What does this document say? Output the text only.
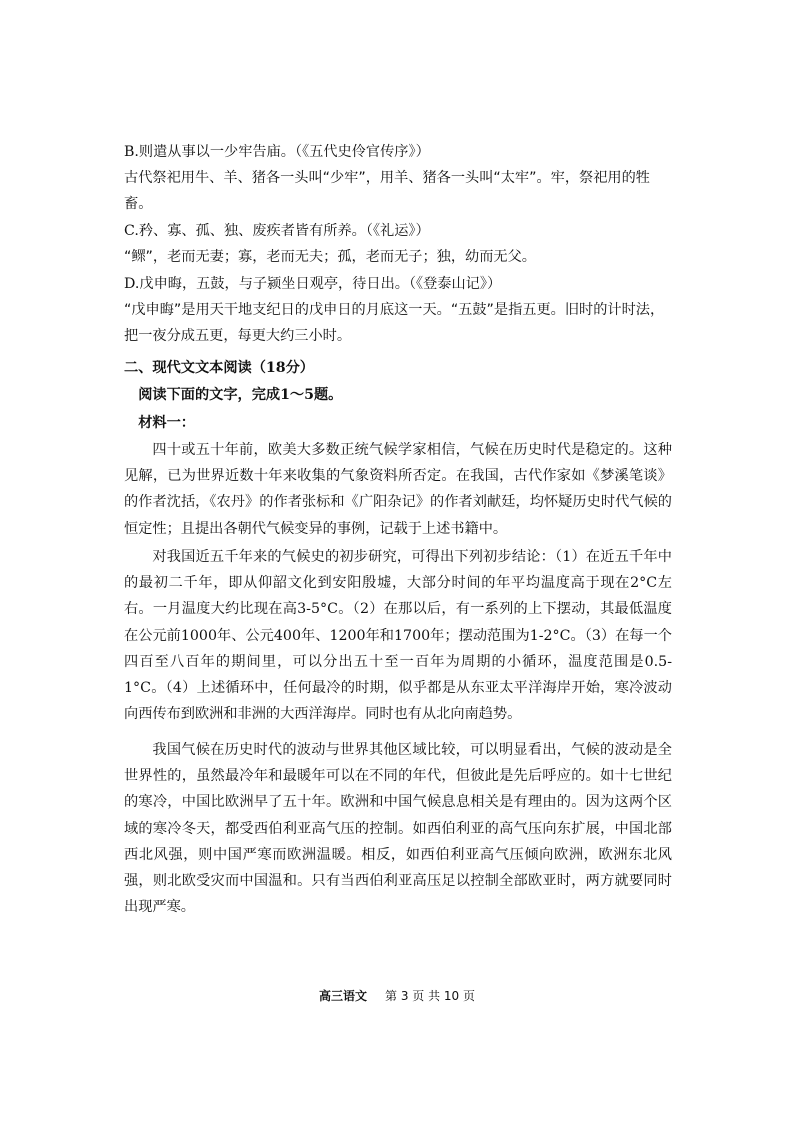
B.则遣从事以一少牢告庙。（《五代史伶官传序》）
古代祭祀用牛、羊、猪各一头叫“少牢”，用羊、猪各一头叫“太牢”。牢，祭祀用的牲畜。
C.矜、寡、孤、独、废疾者皆有所养。（《礼运》）
“鳏”，老而无妻；寡，老而无夫；孤，老而无子；独，幼而无父。
D.戊申晦，五鼓，与子颍坐日观亭，待日出。（《登泰山记》）
“戊申晦”是用天干地支纪日的戊申日的月底这一天。“五鼓”是指五更。旧时的计时法，把一夜分成五更，每更大约三小时。
二、现代文文本阅读（18分）
阅读下面的文字，完成1～5题。
材料一：
四十或五十年前，欧美大多数正统气候学家相信，气候在历史时代是稳定的。这种见解，已为世界近数十年来收集的气象资料所否定。在我国，古代作家如《梦溪笔谈》的作者沈括，《农丹》的作者张标和《广阳杂记》的作者刘献廷，均怀疑历史时代气候的恒定性；且提出各朝代气候变异的事例，记载于上述书籍中。
对我国近五千年来的气候史的初步研究，可得出下列初步结论：（1）在近五千年中的最初二千年，即从仰韶文化到安阳殷墟，大部分时间的年平均温度高于现在2°C左右。一月温度大约比现在高3-5°C。（2）在那以后，有一系列的上下摆动，其最低温度在公元前1000年、公元400年、1200年和1700年；摆动范围为1-2°C。（3）在每一个四百至八百年的期间里，可以分出五十至一百年为周期的小循环，温度范围是0.5-1°C。（4）上述循环中，任何最冷的时期，似乎都是从东亚太平洋海岸开始，寒冷波动向西传布到欧洲和非洲的大西洋海岸。同时也有从北向南趋势。
我国气候在历史时代的波动与世界其他区域比较，可以明显看出，气候的波动是全世界性的，虽然最冷年和最暖年可以在不同的年代，但彼此是先后呼应的。如十七世纪的寒冷，中国比欧洲早了五十年。欧洲和中国气候息息相关是有理由的。因为这两个区域的寒冷冬天，都受西伯利亚高气压的控制。如西伯利亚的高气压向东扩展，中国北部西北风强，则中国严寒而欧洲温暖。相反，如西伯利亚高气压倾向欧洲，欧洲东北风强，则北欧受灾而中国温和。只有当西伯利亚高压足以控制全部欧亚时，两方就要同时出现严寒。
高三语文 第 3 页 共 10 页
